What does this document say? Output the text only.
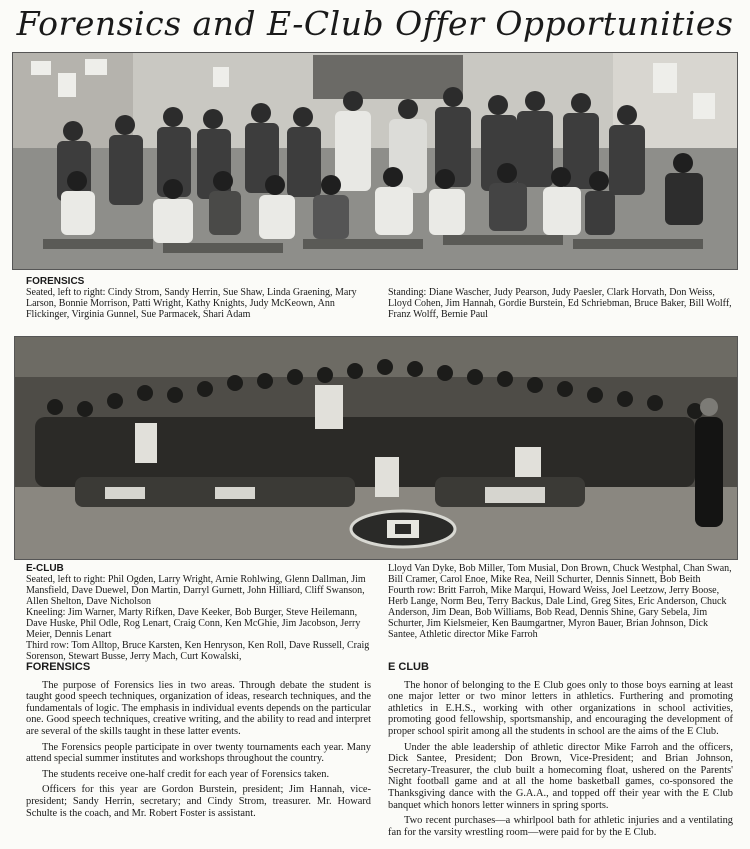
Forensics and E-Club Offer Opportunities
FORENSICS
Seated, left to right: Cindy Strom, Sandy Herrin, Sue Shaw, Linda Graening, Mary Larson, Bonnie Morrison, Patti Wright, Kathy Knights, Judy McKeown, Ann Flickinger, Virginia Gunnel, Sue Parmacek, Shari Adam
Standing: Diane Wascher, Judy Pearson, Judy Paesler, Clark Horvath, Don Weiss, Lloyd Cohen, Jim Hannah, Gordie Burstein, Ed Schriebman, Bruce Baker, Bill Wolff, Franz Wolff, Bernie Paul
E-CLUB
Seated, left to right: Phil Ogden, Larry Wright, Arnie Rohlwing, Glenn Dallman, Jim Mansfield, Dave Duewel, Don Martin, Darryl Gurnett, John Hilliard, Cliff Swanson, Allen Shelton, Dave Nicholson
Kneeling: Jim Warner, Marty Rifken, Dave Keeker, Bob Burger, Steve Heilemann, Dave Huske, Phil Odle, Rog Lenart, Craig Conn, Ken McGhie, Jim Jacobson, Jerry Meier, Dennis Lenart
Third row: Tom Alltop, Bruce Karsten, Ken Henryson, Ken Roll, Dave Russell, Craig Sorenson, Stewart Busse, Jerry Mach, Curt Kowalski,
Lloyd Van Dyke, Bob Miller, Tom Musial, Don Brown, Chuck Westphal, Chan Swan, Bill Cramer, Carol Enoe, Mike Rea, Neill Schurter, Dennis Sinnett, Bob Beith
Fourth row: Britt Farroh, Mike Marqui, Howard Weiss, Joel Leetzow, Jerry Boose, Herb Lange, Norm Beu, Terry Backus, Dale Lind, Greg Sites, Eric Anderson, Chuck Anderson, Jim Dean, Bob Williams, Bob Read, Dennis Shine, Gary Sebela, Jim Schurter, Jim Kielsmeier, Ken Baumgartner, Myron Bauer, Brian Johnson, Dick Santee, Athletic director Mike Farroh
FORENSICS

The purpose of Forensics lies in two areas. Through debate the student is taught good speech techniques, organization of ideas, research techniques, and the fundamentals of logic. The emphasis in individual events depends on the particular one. Good speech techniques, creative writing, and the ability to read and interpret are several of the skills taught in these latter events.

The Forensics people participate in over twenty tournaments each year. Many attend special summer institutes and workshops throughout the country.

The students receive one-half credit for each year of Forensics taken.

Officers for this year are Gordon Burstein, president; Jim Hannah, vice-president; Sandy Herrin, secretary; and Cindy Strom, treasurer. Mr. Howard Schulte is the coach, and Mr. Robert Foster is assistant.

E CLUB

The honor of belonging to the E Club goes only to those boys earning at least one major letter or two minor letters in athletics. Furthering and promoting athletics in E.H.S., working with other organizations in school activities, promoting good fellowship, sportsmanship, and encouraging the development of proper school spirit among all the students in school are the aims of the E Club.

Under the able leadership of athletic director Mike Farroh and the officers, Dick Santee, President; Don Brown, Vice-President; and Brian Johnson, Secretary-Treasurer, the club built a homecoming float, ushered on the Parents' Night football game and at all the home basketball games, co-sponsored the Thanksgiving dance with the G.A.A., and topped off their year with the E Club banquet which honors letter winners in spring sports.

Two recent purchases—a whirlpool bath for athletic injuries and a ventilating fan for the varsity wrestling room—were paid for by the E Club.
